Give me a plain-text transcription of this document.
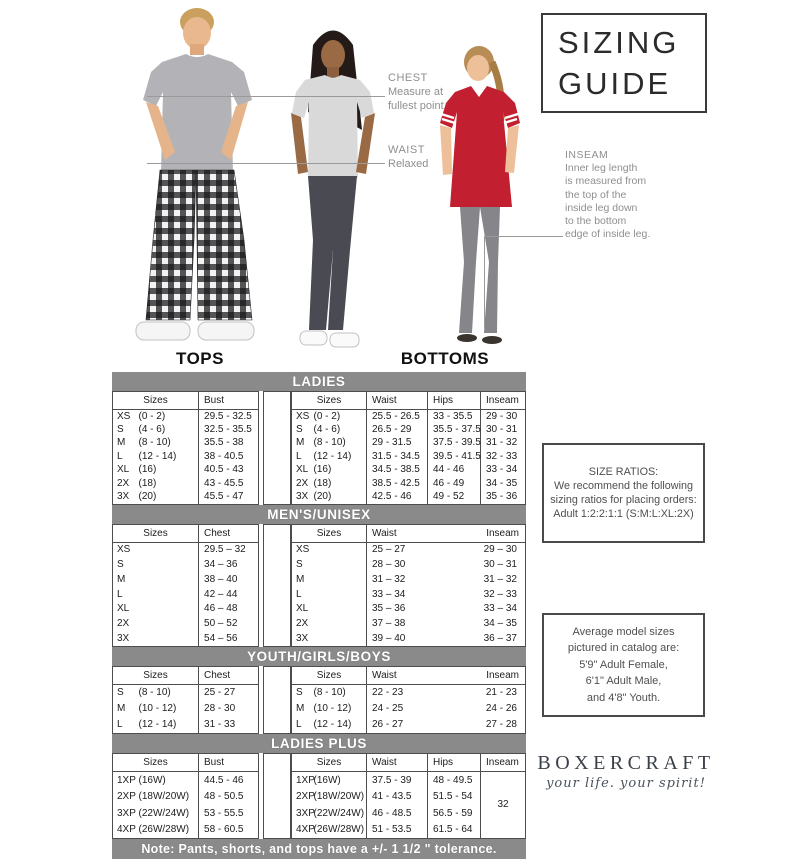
CHEST
Measure at
fullest point
WAIST
Relaxed
INSEAM
Inner leg length
is measured from
the top of the
inside leg down
to the bottom
edge of inside leg.
SIZING
GUIDE
TOPS	BOTTOMS
LADIES
Sizes		Bust
XS	(0 - 2)	29.5 - 32.5
S	(4 - 6)	32.5 - 35.5
M	(8 - 10)	35.5 - 38
L	(12 - 14)	38 - 40.5
XL	(16)	40.5 - 43
2X	(18)	43 - 45.5
3X	(20)	45.5 - 47
Sizes		Waist	Hips	Inseam
XS	(0 - 2)	25.5 - 26.5	33 - 35.5	29 - 30
S	(4 - 6)	26.5 - 29	35.5 - 37.5	30 - 31
M	(8 - 10)	29 - 31.5	37.5 - 39.5	31 - 32
L	(12 - 14)	31.5 - 34.5	39.5 - 41.5	32 - 33
XL	(16)	34.5 - 38.5	44 - 46	33 - 34
2X	(18)	38.5 - 42.5	46 - 49	34 - 35
3X	(20)	42.5 - 46	49 - 52	35 - 36
MEN'S/UNISEX
Sizes		Chest
XS		29.5 – 32
S		34 – 36
M		38 – 40
L		42 – 44
XL		46 – 48
2X		50 – 52
3X		54 – 56
Sizes		Waist	Inseam
XS		25 – 27	29 – 30
S		28 – 30	30 – 31
M		31 – 32	31 – 32
L		33 – 34	32 – 33
XL		35 – 36	33 – 34
2X		37 – 38	34 – 35
3X		39 – 40	36 – 37
YOUTH/GIRLS/BOYS
Sizes		Chest
S	(8 - 10)	25 - 27
M	(10 - 12)	28 - 30
L	(12 - 14)	31 - 33
Sizes		Waist	Inseam
S	(8 - 10)	22 - 23	21 - 23
M	(10 - 12)	24 - 25	24 - 26
L	(12 - 14)	26 - 27	27 - 28
LADIES PLUS
Sizes		Bust
1XP	(16W)	44.5 - 46
2XP	(18W/20W)	48 - 50.5
3XP	(22W/24W)	53 - 55.5
4XP	(26W/28W)	58 - 60.5
Sizes		Waist	Hips	Inseam
1XP	(16W)	37.5 - 39	48 - 49.5	32
2XP	(18W/20W)	41 - 43.5	51.5 - 54	
3XP	(22W/24W)	46 - 48.5	56.5 - 59	
4XP	(26W/28W)	51 - 53.5	61.5 - 64	
Note: Pants, shorts, and tops have a +/- 1 1/2 " tolerance.
SIZE RATIOS:
We recommend the following
sizing ratios for placing orders:
Adult 1:2:2:1:1 (S:M:L:XL:2X)
Average model sizes
pictured in catalog are:
5'9" Adult Female,
6'1" Adult Male,
and 4'8" Youth.
BOXERCRAFT
your life. your spirit!
